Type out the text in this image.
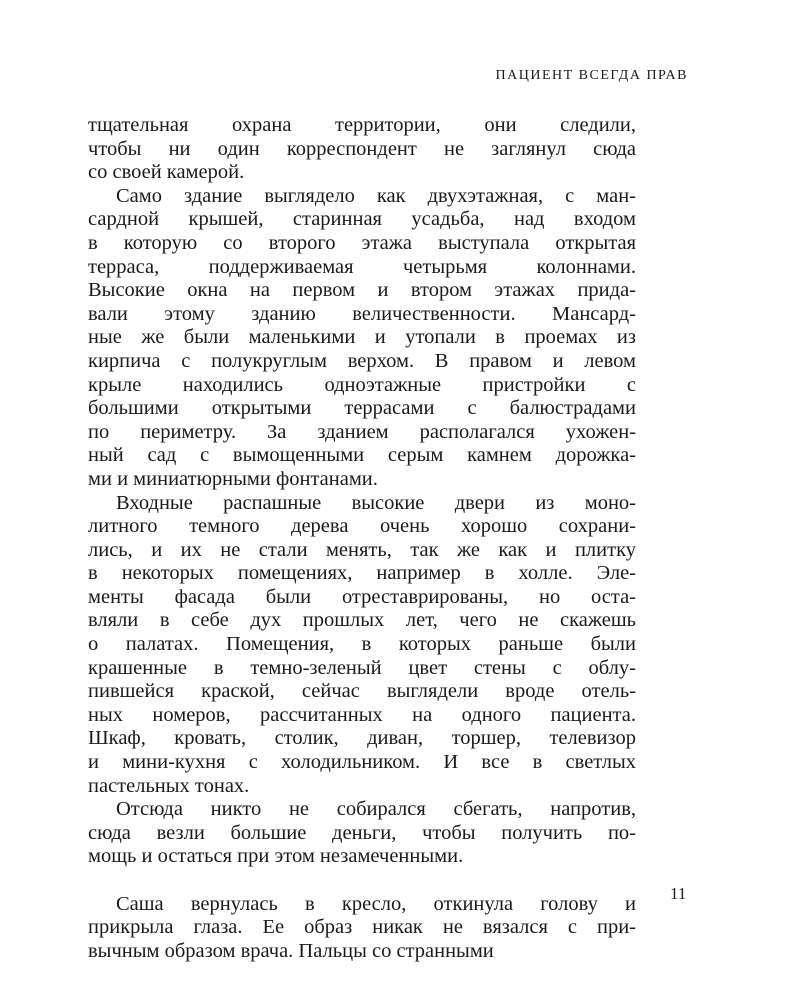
ПАЦИЕНТ ВСЕГДА ПРАВ
тщательная охрана территории, они следили,
чтобы ни один корреспондент не заглянул сюда
со своей камерой.
Само здание выглядело как двухэтажная, с ман-
сардной крышей, старинная усадьба, над входом
в которую со второго этажа выступала открытая
терраса, поддерживаемая четырьмя колоннами.
Высокие окна на первом и втором этажах прида-
вали этому зданию величественности. Мансард-
ные же были маленькими и утопали в проемах из
кирпича с полукруглым верхом. В правом и левом
крыле находились одноэтажные пристройки с
большими открытыми террасами с балюстрадами
по периметру. За зданием располагался ухожен-
ный сад с вымощенными серым камнем дорожка-
ми и миниатюрными фонтанами.
Входные распашные высокие двери из моно-
литного темного дерева очень хорошо сохрани-
лись, и их не стали менять, так же как и плитку
в некоторых помещениях, например в холле. Эле-
менты фасада были отреставрированы, но оста-
вляли в себе дух прошлых лет, чего не скажешь
о палатах. Помещения, в которых раньше были
крашенные в темно-зеленый цвет стены с облу-
пившейся краской, сейчас выглядели вроде отель-
ных номеров, рассчитанных на одного пациента.
Шкаф, кровать, столик, диван, торшер, телевизор
и мини-кухня с холодильником. И все в светлых
пастельных тонах.
Отсюда никто не собирался сбегать, напротив,
сюда везли большие деньги, чтобы получить по-
мощь и остаться при этом незамеченными.
Саша вернулась в кресло, откинула голову и
прикрыла глаза. Ее образ никак не вязался с при-
вычным образом врача. Пальцы со странными
11
